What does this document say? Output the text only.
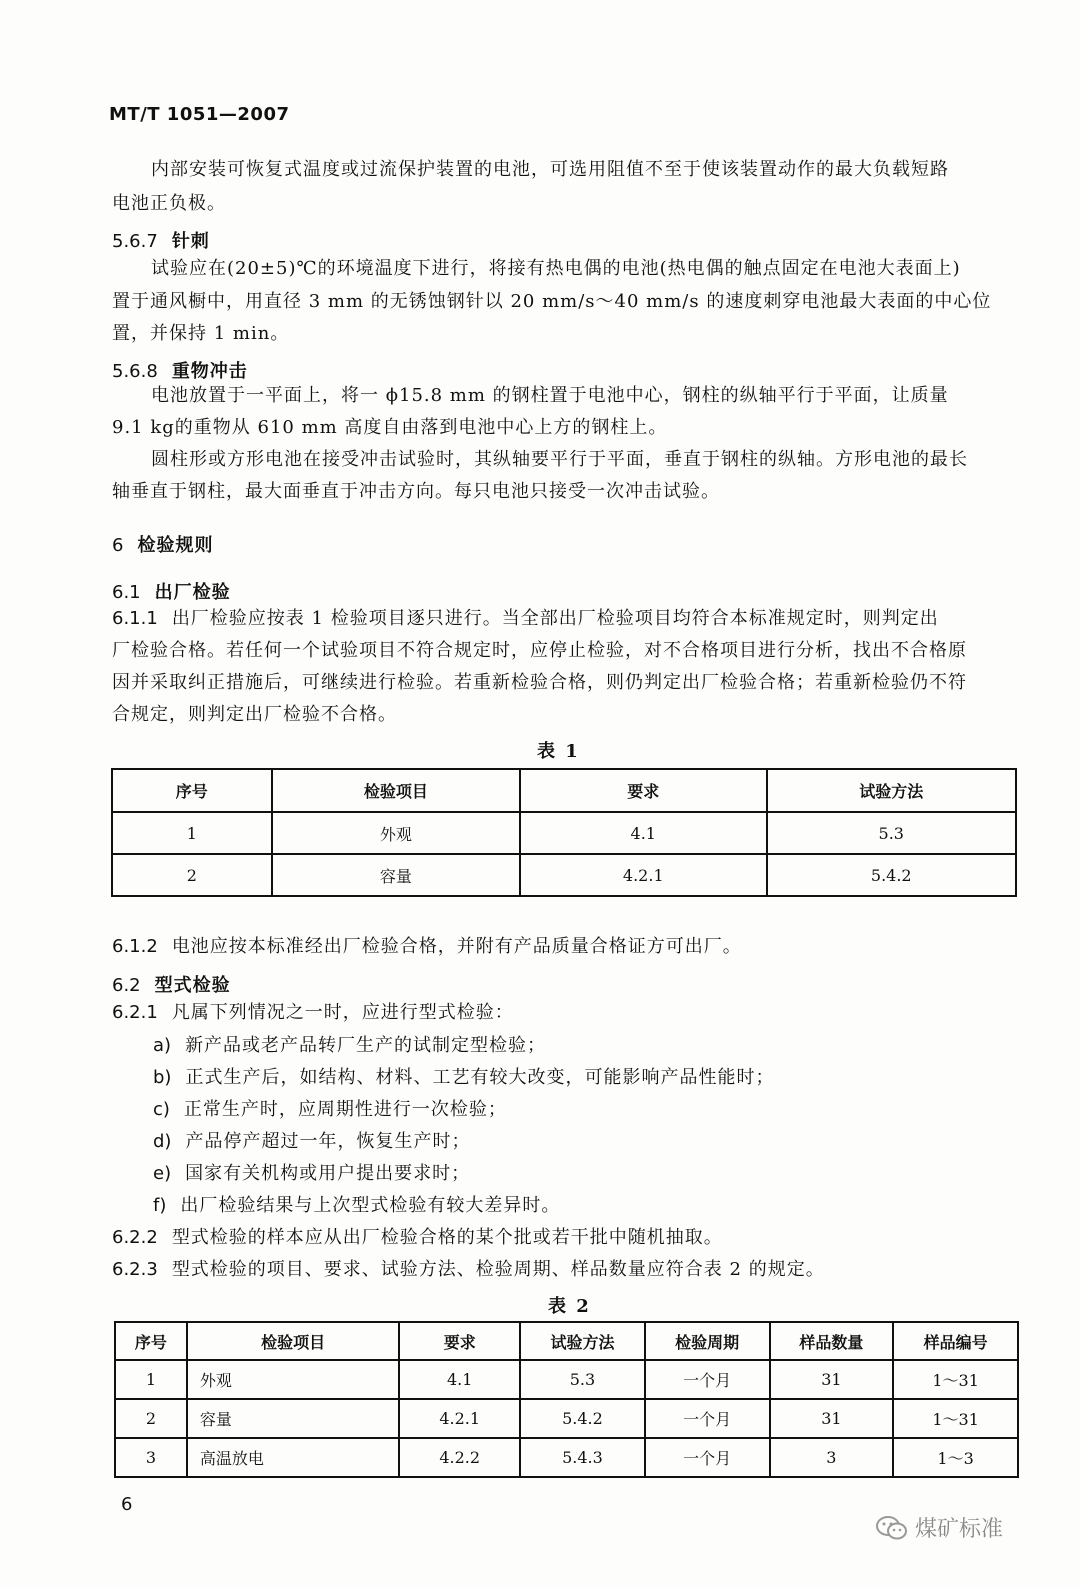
MT/T 1051—2007
内部安装可恢复式温度或过流保护装置的电池，可选用阻值不至于使该装置动作的最大负载短路
电池正负极。
5.6.7 针刺
试验应在(20±5)℃的环境温度下进行，将接有热电偶的电池(热电偶的触点固定在电池大表面上)
置于通风橱中，用直径 3 mm 的无锈蚀钢针以 20 mm/s～40 mm/s 的速度刺穿电池最大表面的中心位
置，并保持 1 min。
5.6.8 重物冲击
电池放置于一平面上，将一 ϕ15.8 mm 的钢柱置于电池中心，钢柱的纵轴平行于平面，让质量
9.1 kg的重物从 610 mm 高度自由落到电池中心上方的钢柱上。
圆柱形或方形电池在接受冲击试验时，其纵轴要平行于平面，垂直于钢柱的纵轴。方形电池的最长
轴垂直于钢柱，最大面垂直于冲击方向。每只电池只接受一次冲击试验。
6 检验规则
6.1 出厂检验
6.1.1 出厂检验应按表 1 检验项目逐只进行。当全部出厂检验项目均符合本标准规定时，则判定出
厂检验合格。若任何一个试验项目不符合规定时，应停止检验，对不合格项目进行分析，找出不合格原
因并采取纠正措施后，可继续进行检验。若重新检验合格，则仍判定出厂检验合格；若重新检验仍不符
合规定，则判定出厂检验不合格。
表 1
序号	检验项目	要求	试验方法
1	外观	4.1	5.3
2	容量	4.2.1	5.4.2
6.1.2 电池应按本标准经出厂检验合格，并附有产品质量合格证方可出厂。
6.2 型式检验
6.2.1 凡属下列情况之一时，应进行型式检验：
a) 新产品或老产品转厂生产的试制定型检验；
b) 正式生产后，如结构、材料、工艺有较大改变，可能影响产品性能时；
c) 正常生产时，应周期性进行一次检验；
d) 产品停产超过一年，恢复生产时；
e) 国家有关机构或用户提出要求时；
f) 出厂检验结果与上次型式检验有较大差异时。
6.2.2 型式检验的样本应从出厂检验合格的某个批或若干批中随机抽取。
6.2.3 型式检验的项目、要求、试验方法、检验周期、样品数量应符合表 2 的规定。
表 2
序号	检验项目	要求	试验方法	检验周期	样品数量	样品编号
1	外观	4.1	5.3	一个月	31	1～31
2	容量	4.2.1	5.4.2	一个月	31	1～31
3	高温放电	4.2.2	5.4.3	一个月	3	1～3
6
煤矿标准
